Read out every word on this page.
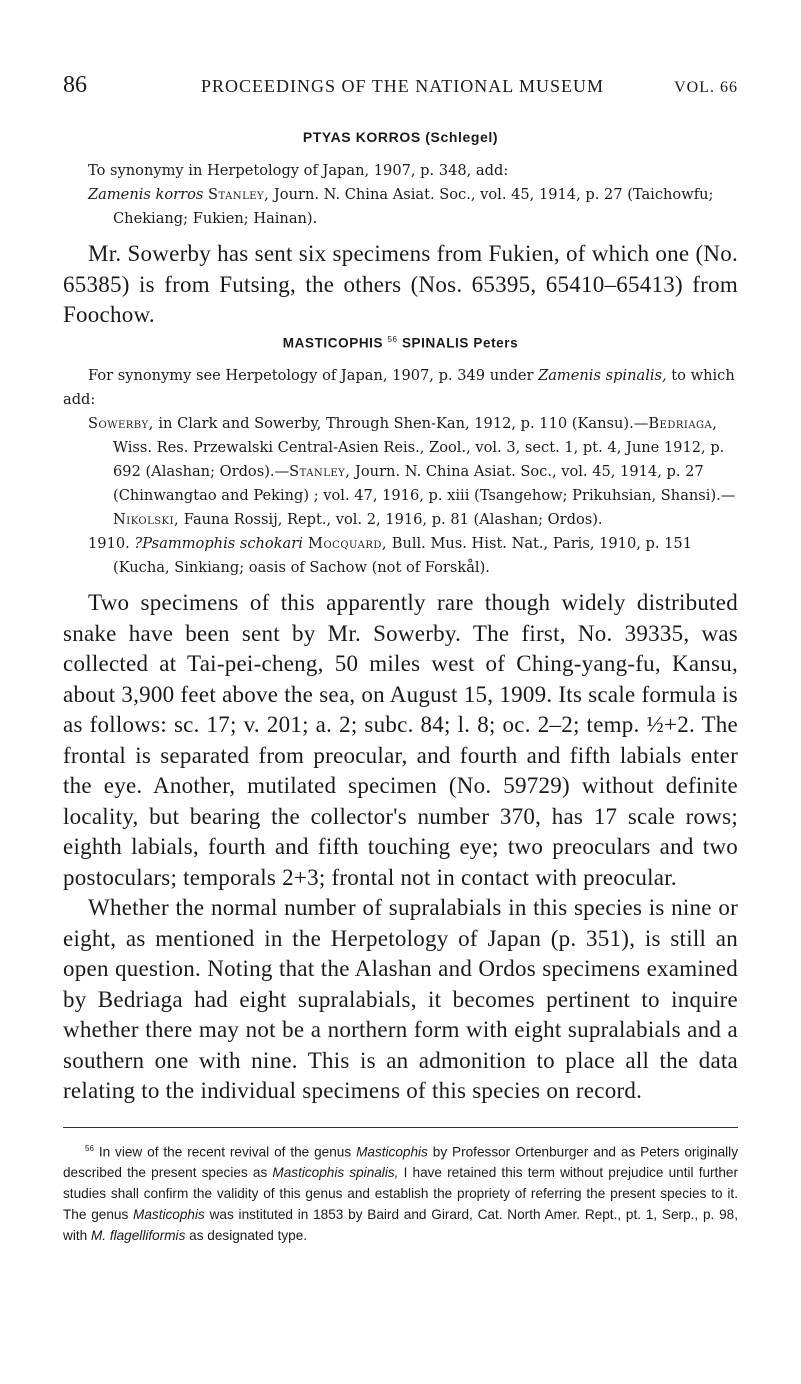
86	PROCEEDINGS OF THE NATIONAL MUSEUM	VOL. 66
PTYAS KORROS (Schlegel)

To synonymy in Herpetology of Japan, 1907, p. 348, add:

Zamenis korros Stanley, Journ. N. China Asiat. Soc., vol. 45, 1914, p. 27 (Taichowfu; Chekiang; Fukien; Hainan).

Mr. Sowerby has sent six specimens from Fukien, of which one (No. 65385) is from Futsing, the others (Nos. 65395, 65410–65413) from Foochow.

MASTICOPHIS $^{56}$ SPINALIS Peters

For synonymy see Herpetology of Japan, 1907, p. 349 under Zamenis spinalis, to which add:

Sowerby, in Clark and Sowerby, Through Shen-Kan, 1912, p. 110 (Kansu).—Bedriaga, Wiss. Res. Przewalski Central-Asien Reis., Zool., vol. 3, sect. 1, pt. 4, June 1912, p. 692 (Alashan; Ordos).—Stanley, Journ. N. China Asiat. Soc., vol. 45, 1914, p. 27 (Chinwangtao and Peking) ; vol. 47, 1916, p. xiii (Tsangehow; Prikuhsian, Shansi).—Nikolski, Fauna Rossij, Rept., vol. 2, 1916, p. 81 (Alashan; Ordos).

1910. ?Psammophis schokari Mocquard, Bull. Mus. Hist. Nat., Paris, 1910, p. 151 (Kucha, Sinkiang; oasis of Sachow (not of Forskål).

Two specimens of this apparently rare though widely distributed snake have been sent by Mr. Sowerby. The first, No. 39335, was collected at Tai-pei-cheng, 50 miles west of Ching-yang-fu, Kansu, about 3,900 feet above the sea, on August 15, 1909. Its scale formula is as follows: sc. 17; v. 201; a. 2; subc. 84; l. 8; oc. 2–2; temp. ½+2. The frontal is separated from preocular, and fourth and fifth labials enter the eye. Another, mutilated specimen (No. 59729) without definite locality, but bearing the collector's number 370, has 17 scale rows; eighth labials, fourth and fifth touching eye; two preoculars and two postoculars; temporals 2+3; frontal not in contact with preocular.

Whether the normal number of supralabials in this species is nine or eight, as mentioned in the Herpetology of Japan (p. 351), is still an open question. Noting that the Alashan and Ordos specimens examined by Bedriaga had eight supralabials, it becomes pertinent to inquire whether there may not be a northern form with eight supralabials and a southern one with nine. This is an admonition to place all the data relating to the individual specimens of this species on record.

$^{56}$ In view of the recent revival of the genus Masticophis by Professor Ortenburger and as Peters originally described the present species as Masticophis spinalis, I have retained this term without prejudice until further studies shall confirm the validity of this genus and establish the propriety of referring the present species to it. The genus Masticophis was instituted in 1853 by Baird and Girard, Cat. North Amer. Rept., pt. 1, Serp., p. 98, with M. flagelliformis as designated type.
